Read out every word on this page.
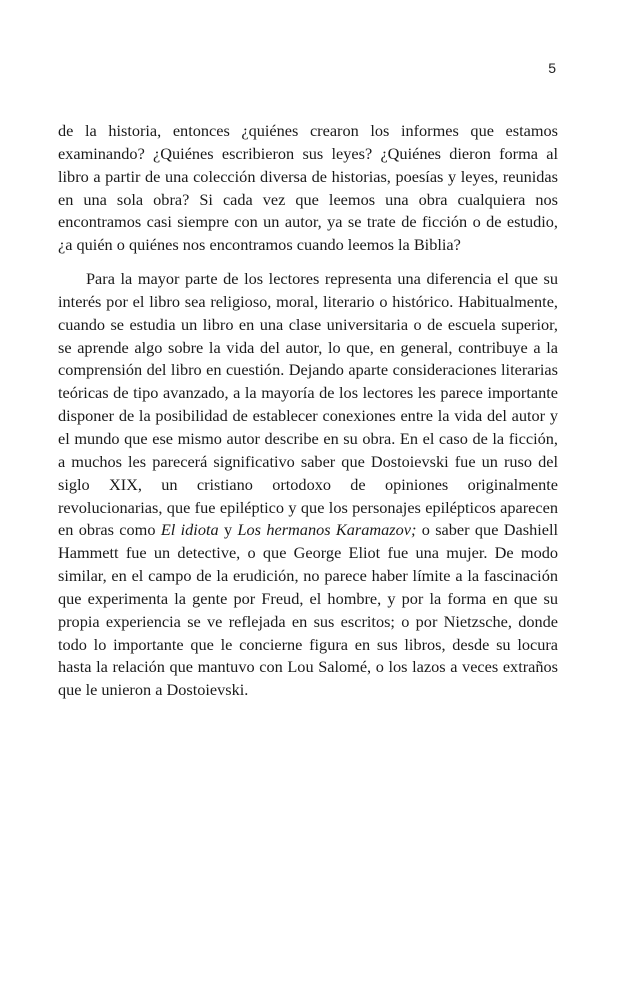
5

de la historia, entonces ¿quiénes crearon los informes que estamos examinando? ¿Quiénes escribieron sus leyes? ¿Quiénes dieron forma al libro a partir de una colección diversa de historias, poesías y leyes, reunidas en una sola obra? Si cada vez que leemos una obra cualquiera nos encontramos casi siempre con un autor, ya se trate de ficción o de estudio, ¿a quién o quiénes nos encontramos cuando leemos la Biblia?

Para la mayor parte de los lectores representa una diferencia el que su interés por el libro sea religioso, moral, literario o histórico. Habitualmente, cuando se estudia un libro en una clase universitaria o de escuela superior, se aprende algo sobre la vida del autor, lo que, en general, contribuye a la comprensión del libro en cuestión. Dejando aparte consideraciones literarias teóricas de tipo avanzado, a la mayoría de los lectores les parece importante disponer de la posibilidad de establecer conexiones entre la vida del autor y el mundo que ese mismo autor describe en su obra. En el caso de la ficción, a muchos les parecerá significativo saber que Dostoievski fue un ruso del siglo XIX, un cristiano ortodoxo de opiniones originalmente revolucionarias, que fue epiléptico y que los personajes epilépticos aparecen en obras como El idiota y Los hermanos Karamazov; o saber que Dashiell Hammett fue un detective, o que George Eliot fue una mujer. De modo similar, en el campo de la erudición, no parece haber límite a la fascinación que experimenta la gente por Freud, el hombre, y por la forma en que su propia experiencia se ve reflejada en sus escritos; o por Nietzsche, donde todo lo importante que le concierne figura en sus libros, desde su locura hasta la relación que mantuvo con Lou Salomé, o los lazos a veces extraños que le unieron a Dostoievski.
